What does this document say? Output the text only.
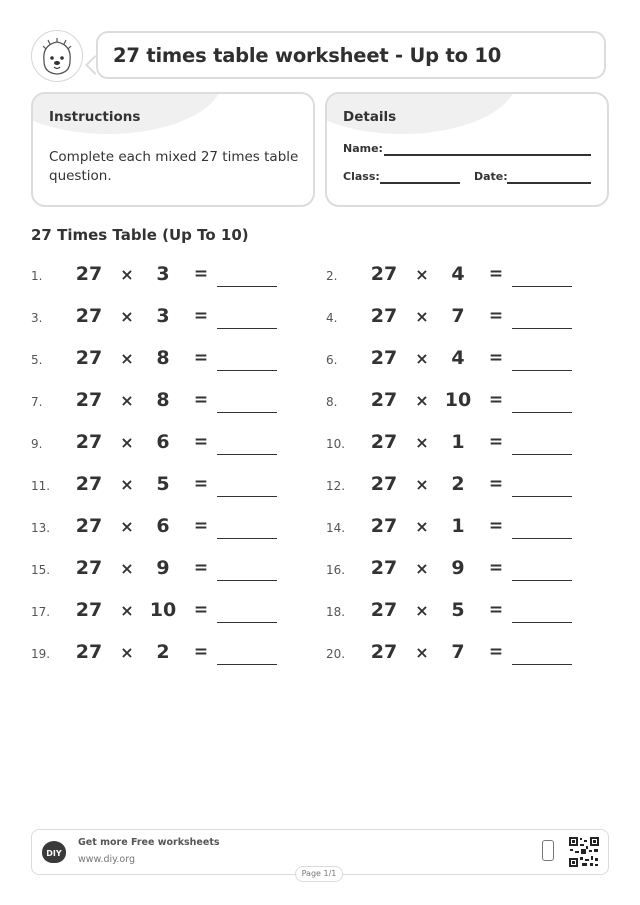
27 times table worksheet - Up to 10
Instructions
Complete each mixed 27 times table question.
Details
Name:
Class:	Date:
27 Times Table (Up To 10)
1. 27 ×	3	=	2. 27 ×	4	=
3. 27 ×	3	=	4. 27 ×	7	=
5. 27 ×	8	=	6. 27 ×	4	=
7. 27 ×	8	=	8. 27 × 10 =
9. 27 ×	6	=	10. 27 ×	1	=
11. 27 ×	5	=	12. 27 ×	2	=
13. 27 ×	6	=	14. 27 ×	1	=
15. 27 ×	9	=	16. 27 ×	9	=
17. 27 × 10 =	18. 27 ×	5	=
19. 27 ×	2	=	20. 27 ×	7	=
DIY
Get more Free worksheets
www.diy.org
Page 1/1
